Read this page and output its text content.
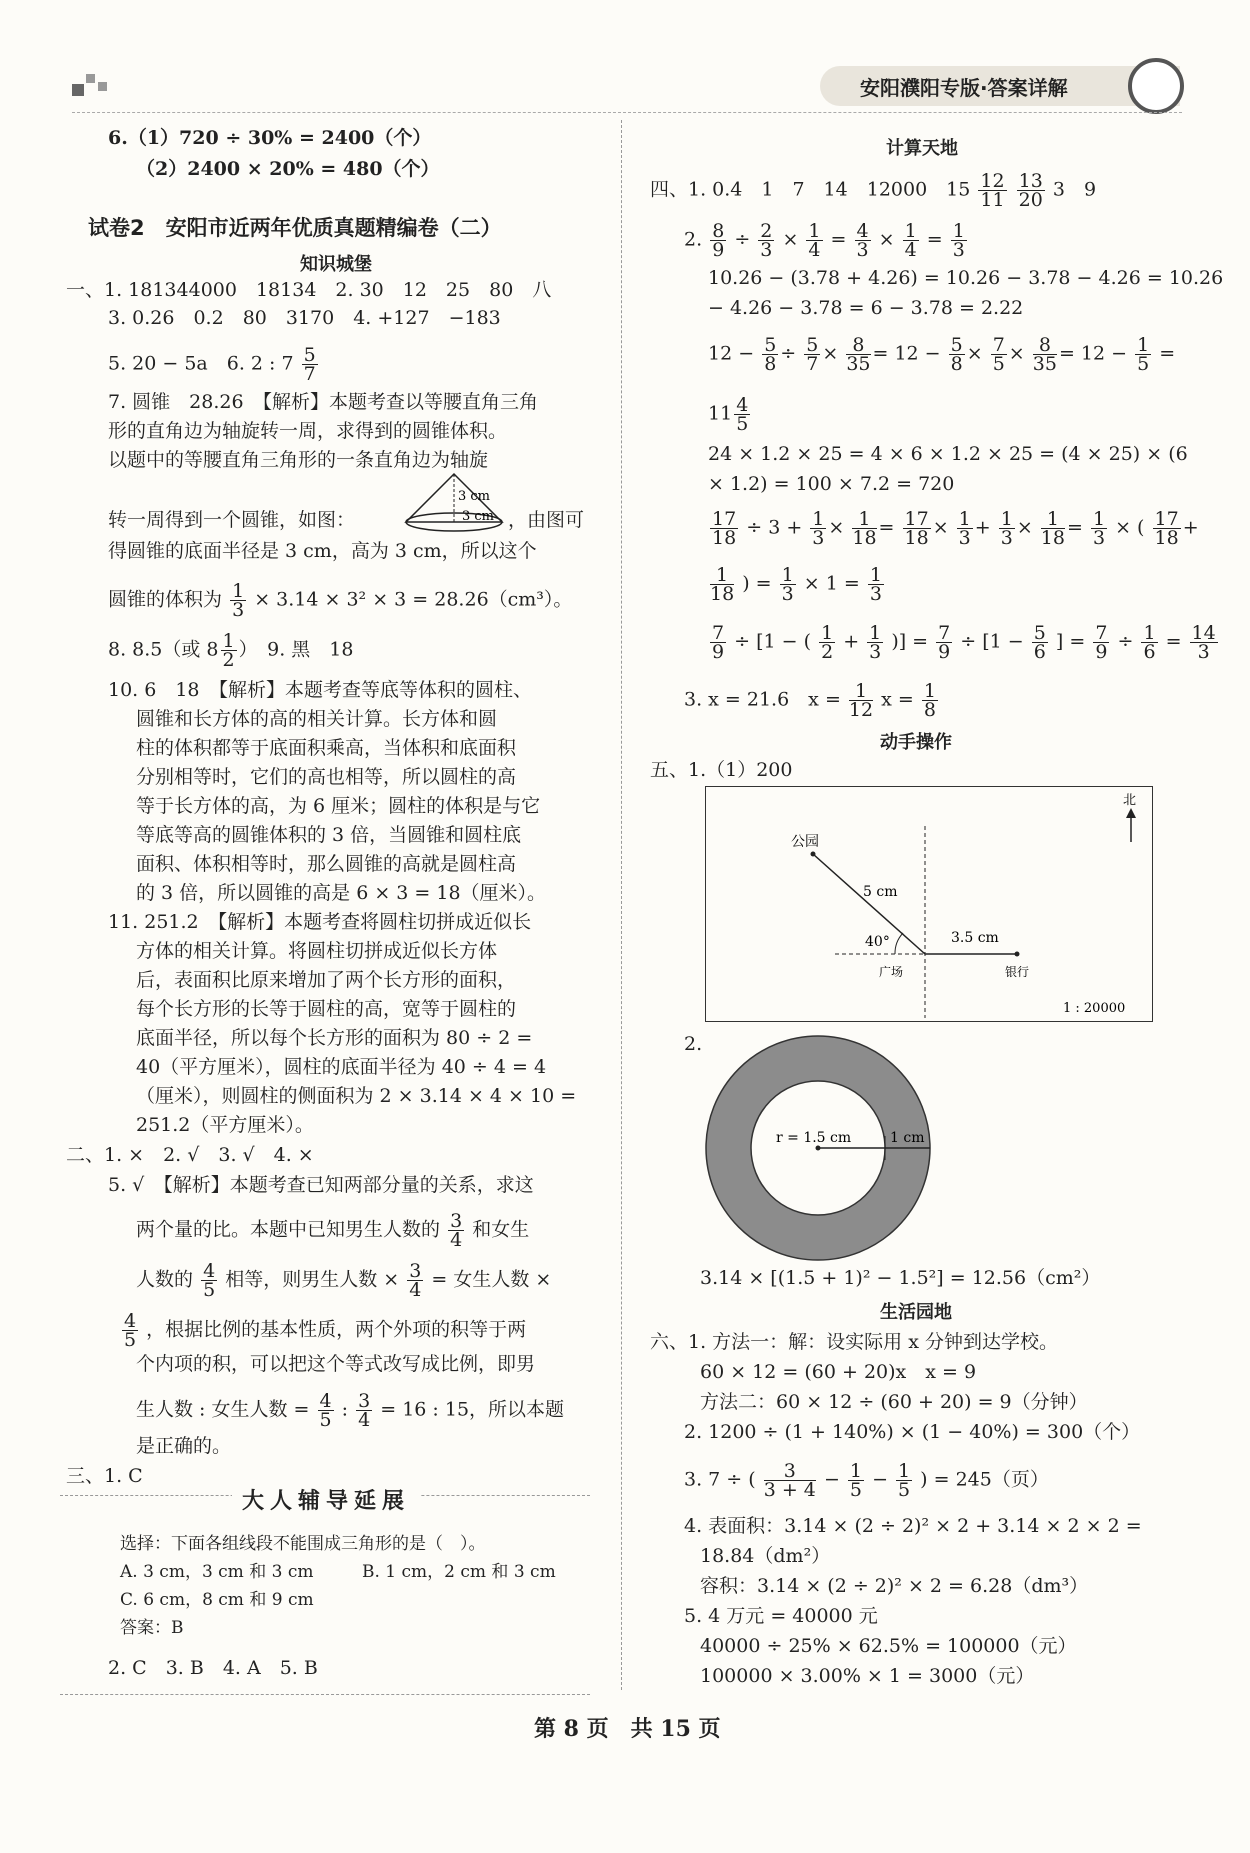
安阳濮阳专版·答案详解
6.（1）720 ÷ 30% = 2400（个）
（2）2400 × 20% = 480（个）
试卷2　安阳市近两年优质真题精编卷（二）
知识城堡
一、1. 181344000　18134　2. 30　12　25　80　八
3. 0.26　0.2　80　3170　4. +127　−183
5. 20 − 5a　6. 2 : $7 \frac{5}{7}$
7. 圆锥　28.26　【解析】本题考查以等腰直角三角
形的直角边为轴旋转一周，求得到的圆锥体积。
以题中的等腰直角三角形的一条直角边为轴旋
转一周得到一个圆锥，如图：
3 cm
3 cm ，由图可
得圆锥的底面半径是 3 cm，高为 3 cm，所以这个
圆锥的体积为 $\frac{1}{3} \times 3.14 \times 3^2 \times 3 = 28.26(cm^3)$。
8. 8.5（或 $8 \frac{1}{2}$ ）　9. 黑　18
10. 6　18　【解析】本题考查等底等体积的圆柱、
圆锥和长方体的高的相关计算。长方体和圆
柱的体积都等于底面积乘高，当体积和底面积
分别相等时，它们的高也相等，所以圆柱的高
等于长方体的高，为 6 厘米；圆柱的体积是与它
等底等高的圆锥体积的 3 倍，当圆锥和圆柱底
面积、体积相等时，那么圆锥的高就是圆柱高
的 3 倍，所以圆锥的高是 6 × 3 = 18（厘米）。
11. 251.2　【解析】本题考查将圆柱切拼成近似长
方体的相关计算。将圆柱切拼成近似长方体
后，表面积比原来增加了两个长方形的面积，
每个长方形的长等于圆柱的高，宽等于圆柱的
底面半径，所以每个长方形的面积为 80 ÷ 2 =
40（平方厘米），圆柱的底面半径为 40 ÷ 4 = 4
（厘米），则圆柱的侧面积为 2 × 3.14 × 4 × 10 =
251.2（平方厘米）。
二、1. ×　2. √　3. √　4. ×
5. √　【解析】本题考查已知两部分量的关系，求这
两个量的比。本题中已知男生人数的 $\frac{3}{4}$ 和女生
人数的 $\frac{4}{5}$ 相等，则男生人数 × $\frac{3}{4}$ = 女生人数 ×
$\frac{4}{5}$ ，根据比例的基本性质，两个外项的积等于两
个内项的积，可以把这个等式改写成比例，即男
生人数 : 女生人数 = $\frac{4}{5}$ : $\frac{3}{4} = 16$ : 15，所以本题
是正确的。
三、1. C
大人辅导延展
选择：下面各组线段不能围成三角形的是（　）。
A. 3 cm，3 cm 和 3 cm	B. 1 cm，2 cm 和 3 cm
C. 6 cm，8 cm 和 9 cm
答案：B
2. C　3. B　4. A　5. B
计算天地
四、1. 0.4　1　7　14　12000　$15 \frac{12}{11}$
$\frac{13}{20} 3$　9
2. $\frac{8}{9} \div \frac{2}{3} \times \frac{1}{4} = \frac{4}{3} \times \frac{1}{4} = \frac{1}{3}$
10.26 − (3.78 + 4.26) = 10.26 − 3.78 − 4.26 = 10.26
− 4.26 − 3.78 = 6 − 3.78 = 2.22
$12 - \frac{5}{8} \div \frac{5}{7} \times \frac{8}{35} = 12 - \frac{5}{8} \times \frac{7}{5} \times \frac{8}{35} = 12 - \frac{1}{5}$ =
$11 \frac{4}{5}$
24 × 1.2 × 25 = 4 × 6 × 1.2 × 25 = (4 × 25) × (6
× 1.2) = 100 × 7.2 = 720
$\frac{17}{18} \div 3 + \frac{1}{3} \times \frac{1}{18} = \frac{17}{18} \times \frac{1}{3} + \frac{1}{3} \times \frac{1}{18} = \frac{1}{3}$ × ( $\frac{17}{18}$ +
$\frac{1}{18}$ ) = $\frac{1}{3} \times 1 = \frac{1}{3}$
$\frac{7}{9} \div [1$ − ( $\frac{1}{2} + \frac{1}{3}$ )] = $\frac{7}{9} \div [1 - \frac{5}{6}$ ] = $\frac{7}{9} \div \frac{1}{6} = \frac{14}{3}$
3. x = 21.6　$x = \frac{1}{12}$ $x = \frac{1}{8}$
动手操作
五、1.（1）200
北
公园
5 cm
3.5 cm
40°
广场	银行
1 : 20000
2.
r = 1.5 cm	1 cm
3.14 × [(1.5 + 1)² − 1.5²] = 12.56（cm²）
生活园地
六、1. 方法一：解：设实际用 x 分钟到达学校。
60 × 12 = (60 + 20)x　x = 9
方法二：60 × 12 ÷ (60 + 20) = 9（分钟）
2. 1200 ÷ (1 + 140%) × (1 − 40%) = 300（个）
3. 7 ÷ ( $\frac{3}{3 + 4} - \frac{1}{5} - \frac{1}{5}$ ) = 245（页）
4. 表面积：3.14 × (2 ÷ 2)² × 2 + 3.14 × 2 × 2 =
18.84（dm²）
容积：3.14 × (2 ÷ 2)² × 2 = 6.28（dm³）
5. 4 万元 = 40000 元
40000 ÷ 25% × 62.5% = 100000（元）
100000 × 3.00% × 1 = 3000（元）
第 8 页　共 15 页
